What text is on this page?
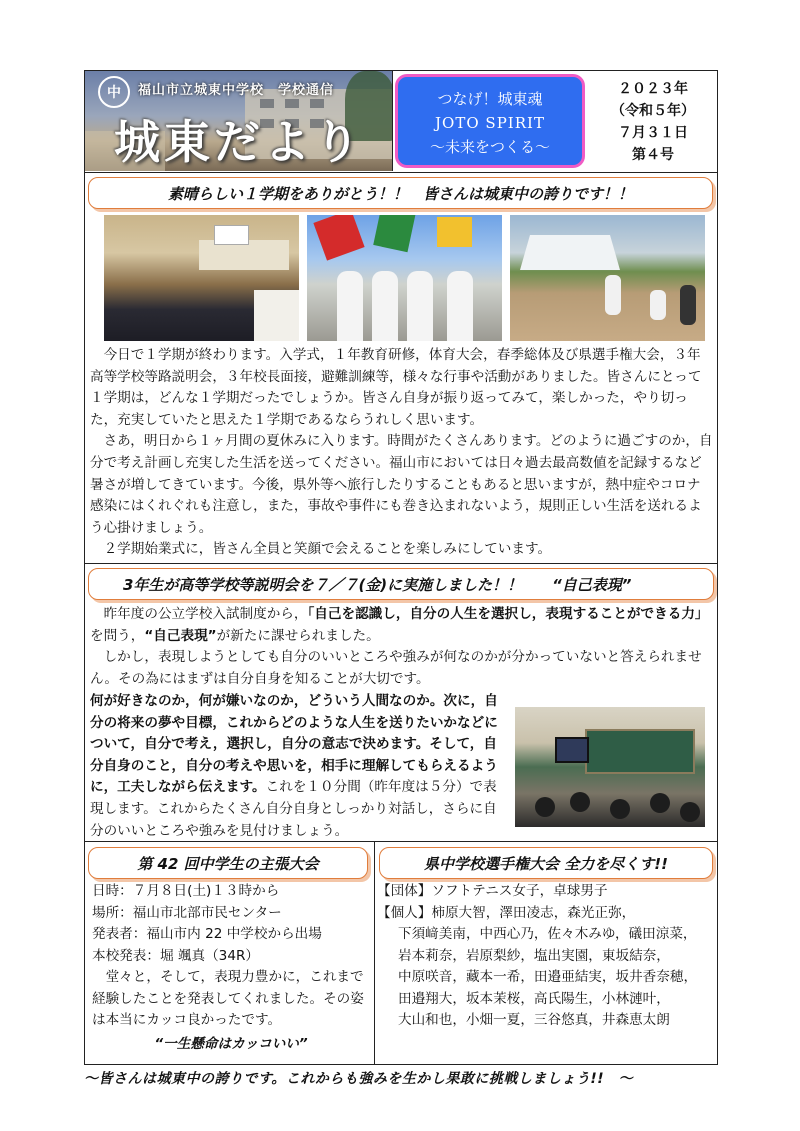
中	福山市立城東中学校　学校通信
城東だより
つなげ！城東魂
JOTO SPIRIT
～未来をつくる～
２０２３年
（令和５年）
７月３１日
第４号
素晴らしい１学期をありがとう！！　皆さんは城東中の誇りです！！

今日で１学期が終わります。入学式，１年教育研修，体育大会，春季総体及び県選手権大会，３年高等学校等路説明会，３年校長面接，避難訓練等，様々な行事や活動がありました。皆さんにとって１学期は，どんな１学期だったでしょうか。皆さん自身が振り返ってみて，楽しかった，やり切った，充実していたと思えた１学期であるならうれしく思います。

さあ，明日から１ヶ月間の夏休みに入ります。時間がたくさんあります。どのように過ごすのか，自分で考え計画し充実した生活を送ってください。福山市においては日々過去最高数値を記録するなど暑さが増してきています。今後，県外等へ旅行したりすることもあると思いますが，熱中症やコロナ感染にはくれぐれも注意し，また，事故や事件にも巻き込まれないよう，規則正しい生活を送れるよう心掛けましょう。

２学期始業式に，皆さん全員と笑顔で会えることを楽しみにしています。

3年生が高等学校等説明会を７／７(金)に実施しました！！　　“自己表現”

昨年度の公立学校入試制度から，「自己を認識し，自分の人生を選択し，表現することができる力」を問う，“自己表現”が新たに課せられました。

しかし，表現しようとしても自分のいいところや強みが何なのかが分かっていないと答えられません。その為にはまずは自分自身を知ることが大切です。

何が好きなのか，何が嫌いなのか，どういう人間なのか。次に，自分の将来の夢や目標，これからどのような人生を送りたいかなどについて，自分で考え，選択し，自分の意志で決めます。そして，自分自身のこと，自分の考えや思いを，相手に理解してもらえるように，工夫しながら伝えます。これを１０分間（昨年度は５分）で表現します。これからたくさん自分自身としっかり対話し，さらに自分のいいところや強みを見付けましょう。
第 42 回中学生の主張大会
日時：７月８日(土)１３時から
場所：福山市北部市民センター
発表者：福山市内 22 中学校から出場
本校発表：堀 颯真（34R）
堂々と，そして，表現力豊かに，これまで経験したことを発表してくれました。その姿は本当にカッコ良かったです。
“一生懸命はカッコいい”
県中学校選手権大会 全力を尽くす!!
【団体】ソフトテニス女子，卓球男子
【個人】 柿原大智，澤田凌志，森光正弥，
下須﨑美南，中西心乃，佐々木みゆ，礒田涼菜，
岩本莉奈，岩原梨紗，塩出実園，東坂結奈，
中原咲音，藏本一希，田邉亜結実，坂井香奈穂，
田邉翔大，坂本茉桜，高氏陽生，小林漣叶，
大山和也，小畑一夏，三谷悠真，井森恵太朗
～皆さんは城東中の誇りです。これからも強みを生かし果敢に挑戦しましょう!!　～
